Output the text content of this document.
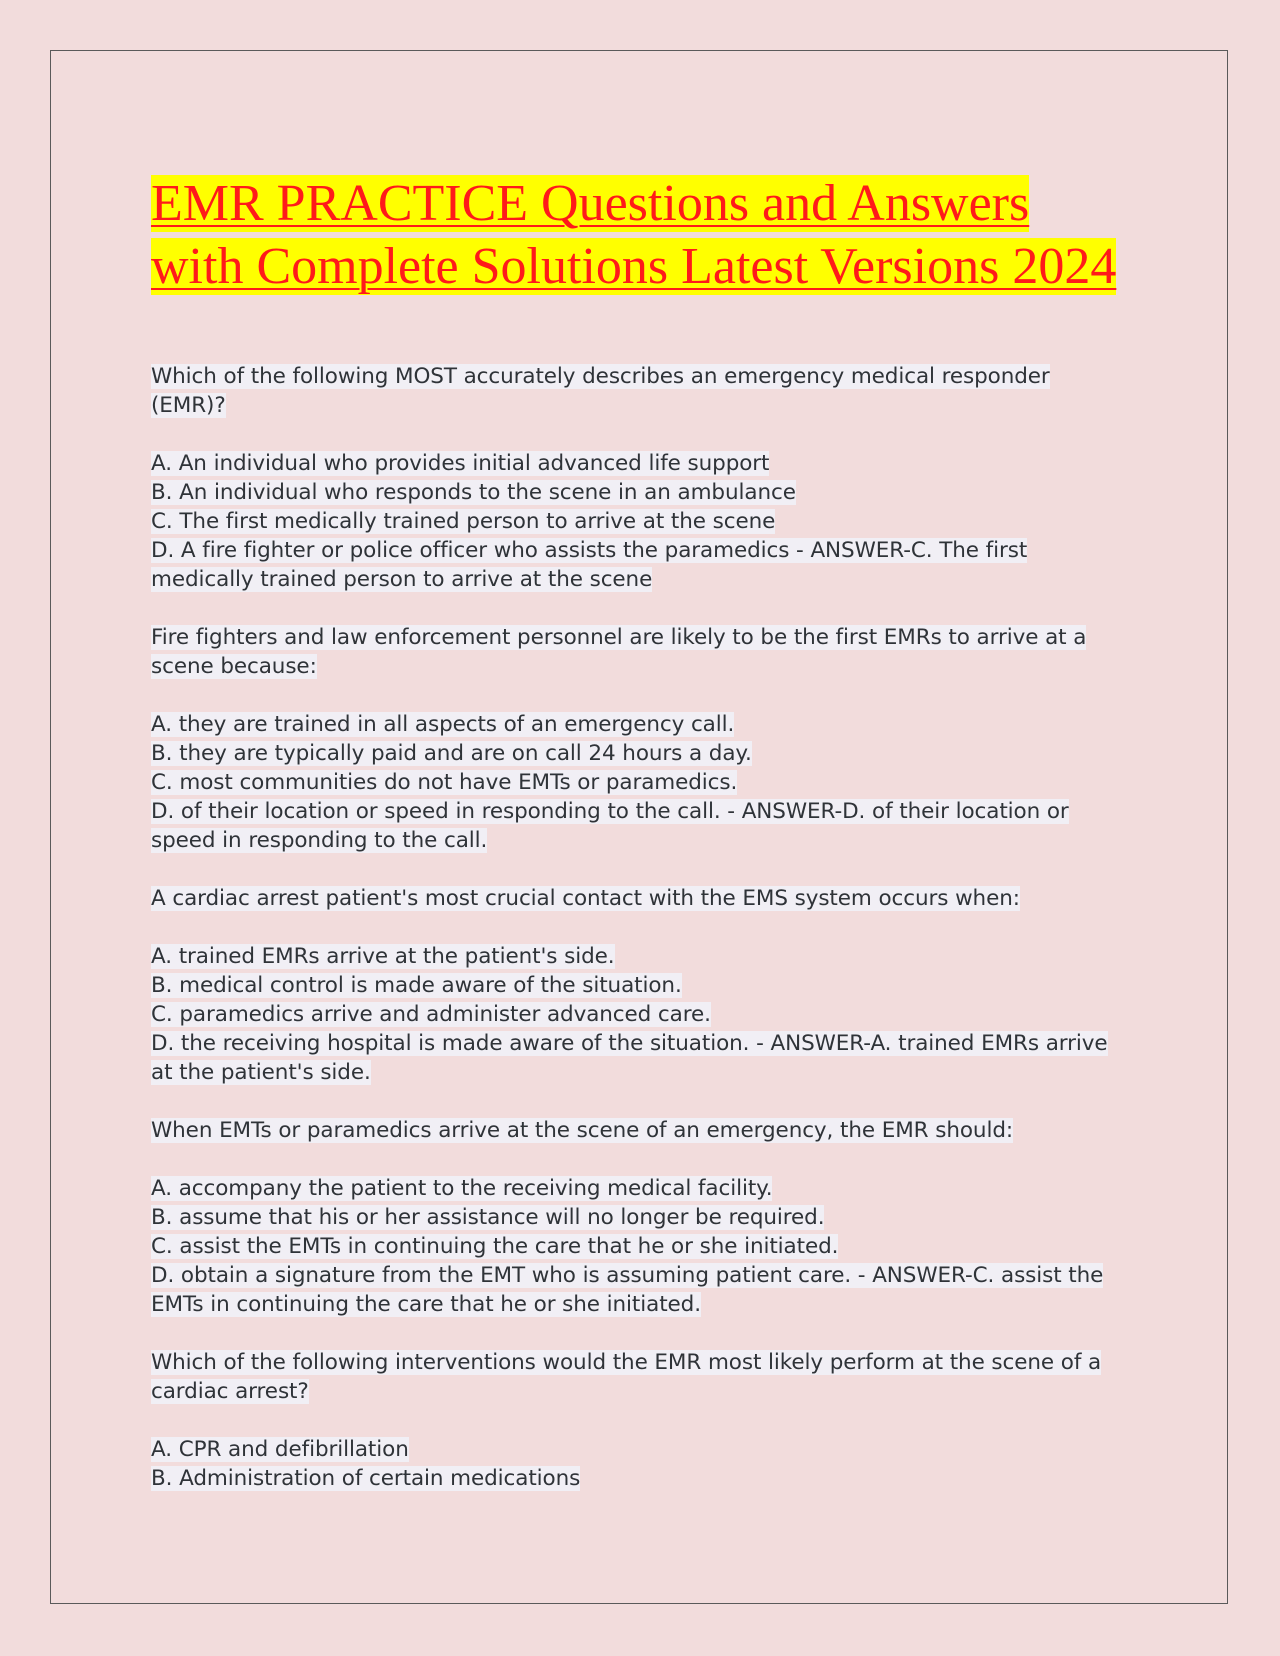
EMR PRACTICE Questions and Answers with Complete Solutions Latest Versions 2024
Which of the following MOST accurately describes an emergency medical responder (EMR)?
A. An individual who provides initial advanced life support
B. An individual who responds to the scene in an ambulance
C. The first medically trained person to arrive at the scene
D. A fire fighter or police officer who assists the paramedics - ANSWER-C. The first medically trained person to arrive at the scene
Fire fighters and law enforcement personnel are likely to be the first EMRs to arrive at a scene because:
A. they are trained in all aspects of an emergency call.
B. they are typically paid and are on call 24 hours a day.
C. most communities do not have EMTs or paramedics.
D. of their location or speed in responding to the call. - ANSWER-D. of their location or speed in responding to the call.
A cardiac arrest patient's most crucial contact with the EMS system occurs when:
A. trained EMRs arrive at the patient's side.
B. medical control is made aware of the situation.
C. paramedics arrive and administer advanced care.
D. the receiving hospital is made aware of the situation. - ANSWER-A. trained EMRs arrive at the patient's side.
When EMTs or paramedics arrive at the scene of an emergency, the EMR should:
A. accompany the patient to the receiving medical facility.
B. assume that his or her assistance will no longer be required.
C. assist the EMTs in continuing the care that he or she initiated.
D. obtain a signature from the EMT who is assuming patient care. - ANSWER-C. assist the EMTs in continuing the care that he or she initiated.
Which of the following interventions would the EMR most likely perform at the scene of a cardiac arrest?
A. CPR and defibrillation
B. Administration of certain medications
